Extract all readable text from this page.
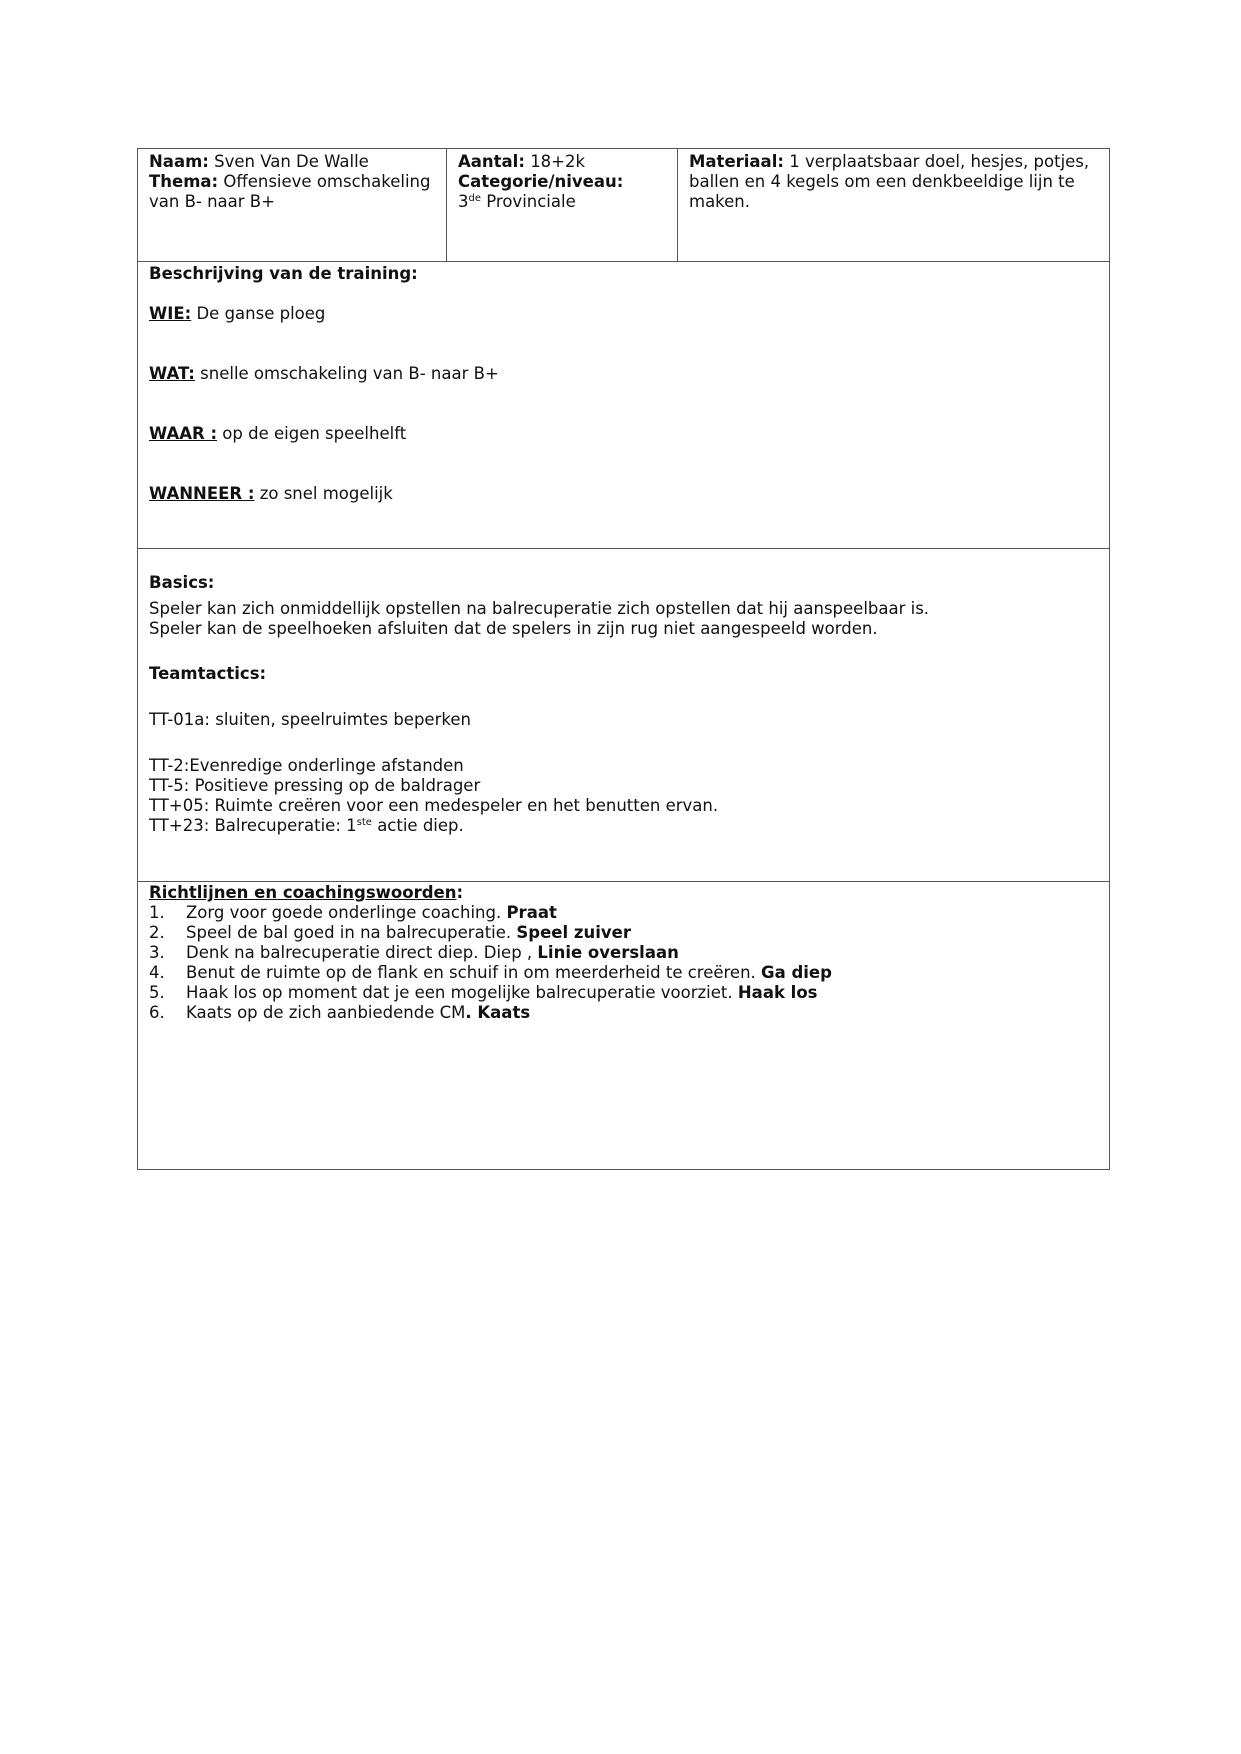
Naam: Sven Van De Walle
Thema: Offensieve omschakeling van B- naar B+
Aantal: 18+2k
Categorie/niveau:
3de Provinciale
Materiaal: 1 verplaatsbaar doel, hesjes, potjes, ballen en 4 kegels om een denkbeeldige lijn te maken.

Beschrijving van de training:

WIE: De ganse ploeg

WAT: snelle omschakeling van B- naar B+

WAAR : op de eigen speelhelft

WANNEER : zo snel mogelijk

Basics:

Speler kan zich onmiddellijk opstellen na balrecuperatie zich opstellen dat hij aanspeelbaar is.

Speler kan de speelhoeken afsluiten dat de spelers in zijn rug niet aangespeeld worden.

Teamtactics:

TT-01a: sluiten, speelruimtes beperken

TT-2:Evenredige onderlinge afstanden

TT-5: Positieve pressing op de baldrager

TT+05: Ruimte creëren voor een medespeler en het benutten ervan.

TT+23: Balrecuperatie: 1ste actie diep.

Richtlijnen en coachingswoorden:

1.	Zorg voor goede onderlinge coaching. Praat
2.	Speel de bal goed in na balrecuperatie. Speel zuiver
3.	Denk na balrecuperatie direct diep. Diep , Linie overslaan
4.	Benut de ruimte op de flank en schuif in om meerderheid te creëren. Ga diep
5.	Haak los op moment dat je een mogelijke balrecuperatie voorziet. Haak los
6.	Kaats op de zich aanbiedende CM. Kaats
